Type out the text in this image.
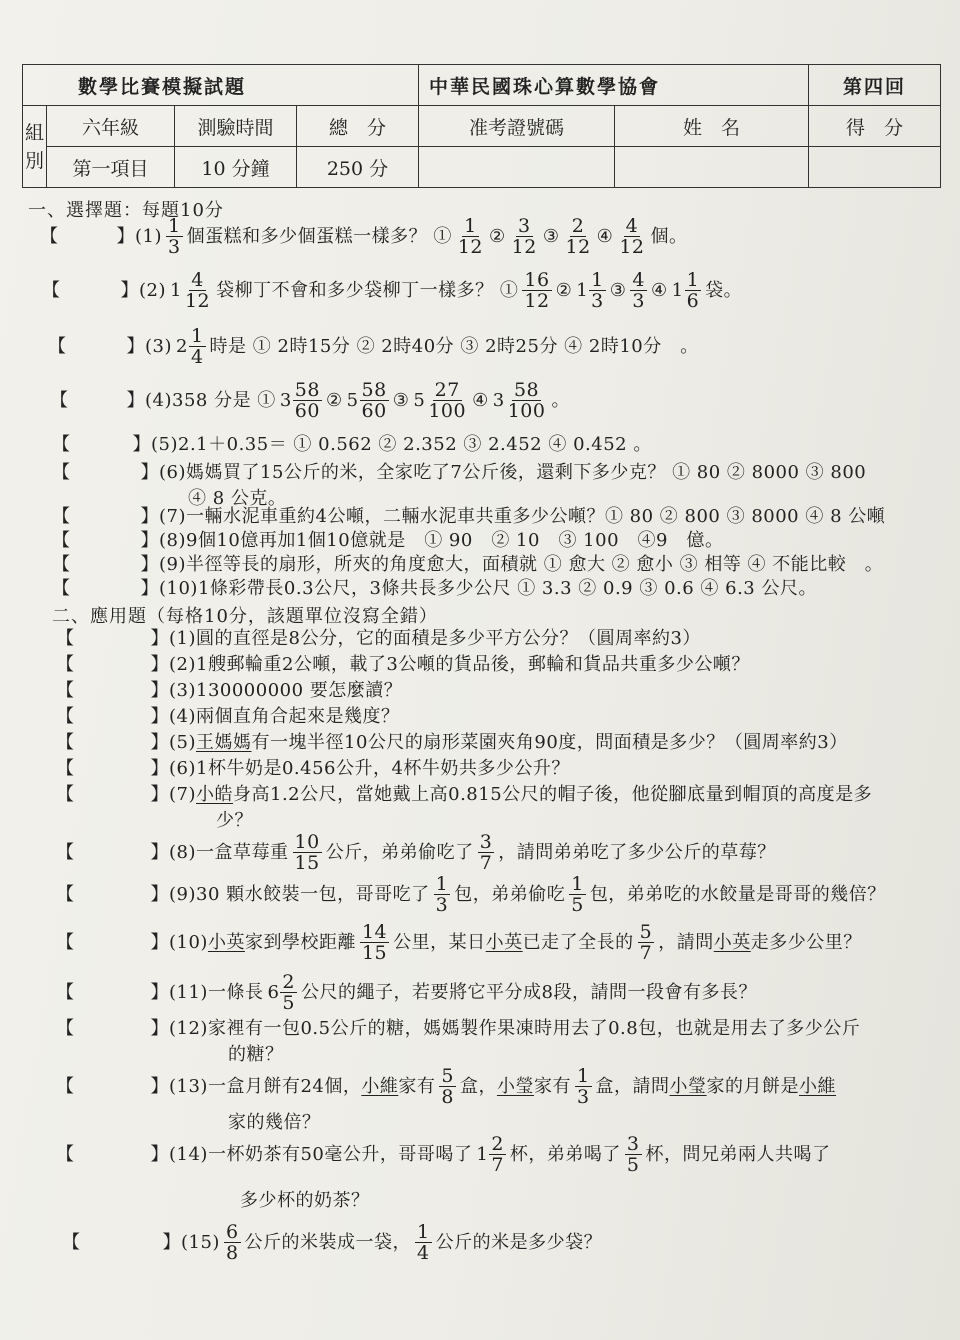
數學比賽模擬試題				中華民國珠心算數學協會		第四回

組
別	六年級	測驗時間	總　分	准考證號碼	姓　名	得　分
	第一項目	10 分鐘	250 分			
一、選擇題：每題10分
【	】 $(1) \frac{1}{3}$ 個蛋糕和多少個蛋糕一樣多？ ① $\frac{1}{12}$ ② $\frac{3}{12}$ ③ $\frac{2}{12}$ ④ $\frac{4}{12}$ 個。
【	】 (2) $1 \frac{4}{12}$ 袋柳丁不會和多少袋柳丁一樣多？ ① $\frac{16}{12}$ ② $1 \frac{1}{3}$ ③ $\frac{4}{3}$ ④ $1 \frac{1}{6}$ 袋。
【	】 (3) $2 \frac{1}{4}$ 時是 ① 2時15分 ② 2時40分 ③ 2時25分 ④ 2時10分　。
【	】 (4) 358 分是 ① $3 \frac{58}{60}$ ② $5 \frac{58}{60}$ ③ $5 \frac{27}{100}$ ④ $3 \frac{58}{100}$ 。
【	】 (5) 2.1＋0.35＝ ① 0.562 ② 2.352 ③ 2.452 ④ 0.452 。
【	】 (6) 媽媽買了15公斤的米，全家吃了7公斤後，還剩下多少克？ ① 80 ② 8000 ③ 800
④ 8 公克。
【	】 (7) 一輛水泥車重約4公噸，二輛水泥車共重多少公噸？① 80 ② 800 ③ 8000 ④ 8 公噸
【	】 (8) 9個10億再加1個10億就是　① 90　② 10　③ 100　④9　億。
【	】 (9) 半徑等長的扇形，所夾的角度愈大，面積就 ① 愈大 ② 愈小 ③ 相等 ④ 不能比較　。
【	】 (10) 1條彩帶長0.3公尺，3條共長多少公尺 ① 3.3 ② 0.9 ③ 0.6 ④ 6.3 公尺。
二、應用題（每格10分，該題單位沒寫全錯）
【	】 (1) 圓的直徑是8公分，它的面積是多少平方公分？（圓周率約3）
【	】 (2) 1艘郵輪重2公噸，載了3公噸的貨品後，郵輪和貨品共重多少公噸？
【	】 (3) 130000000 要怎麼讀？
【	】 (4) 兩個直角合起來是幾度？
【	】 (5) 王媽媽 有一塊半徑10公尺的扇形菜園夾角90度，問面積是多少？（圓周率約3）
【	】 (6) 1杯牛奶是0.456公升，4杯牛奶共多少公升？
【	】 (7) 小皓 身高1.2公尺，當她戴上高0.815公尺的帽子後，他從腳底量到帽頂的高度是多
少？
【	】 (8) 一盒草莓重 $\frac{10}{15}$ 公斤，弟弟偷吃了 $\frac{3}{7}$ ，請問弟弟吃了多少公斤的草莓？
【	】 (9) 30 顆水餃裝一包，哥哥吃了 $\frac{1}{3}$ 包，弟弟偷吃 $\frac{1}{5}$ 包，弟弟吃的水餃量是哥哥的幾倍？
【	】 (10) 小英 家到學校距離 $\frac{14}{15}$ 公里，某日 小英 已走了全長的 $\frac{5}{7}$ ，請問 小英 走多少公里？
【	】 (11) 一條長 $6 \frac{2}{5}$ 公尺的繩子，若要將它平分成8段，請問一段會有多長？
【	】 (12) 家裡有一包0.5公斤的糖，媽媽製作果凍時用去了0.8包，也就是用去了多少公斤
的糖？
【	】 (13) 一盒月餅有24個， 小維 家有 $\frac{5}{8}$ 盒， 小瑩 家有 $\frac{1}{3}$ 盒，請問 小瑩 家的月餅是 小維
家的幾倍？
【	】 (14) 一杯奶茶有50毫公升，哥哥喝了 $1 \frac{2}{7}$ 杯，弟弟喝了 $\frac{3}{5}$ 杯，問兄弟兩人共喝了
多少杯的奶茶？
【	】 $(15) \frac{6}{8}$ 公斤的米裝成一袋， $\frac{1}{4}$ 公斤的米是多少袋？
